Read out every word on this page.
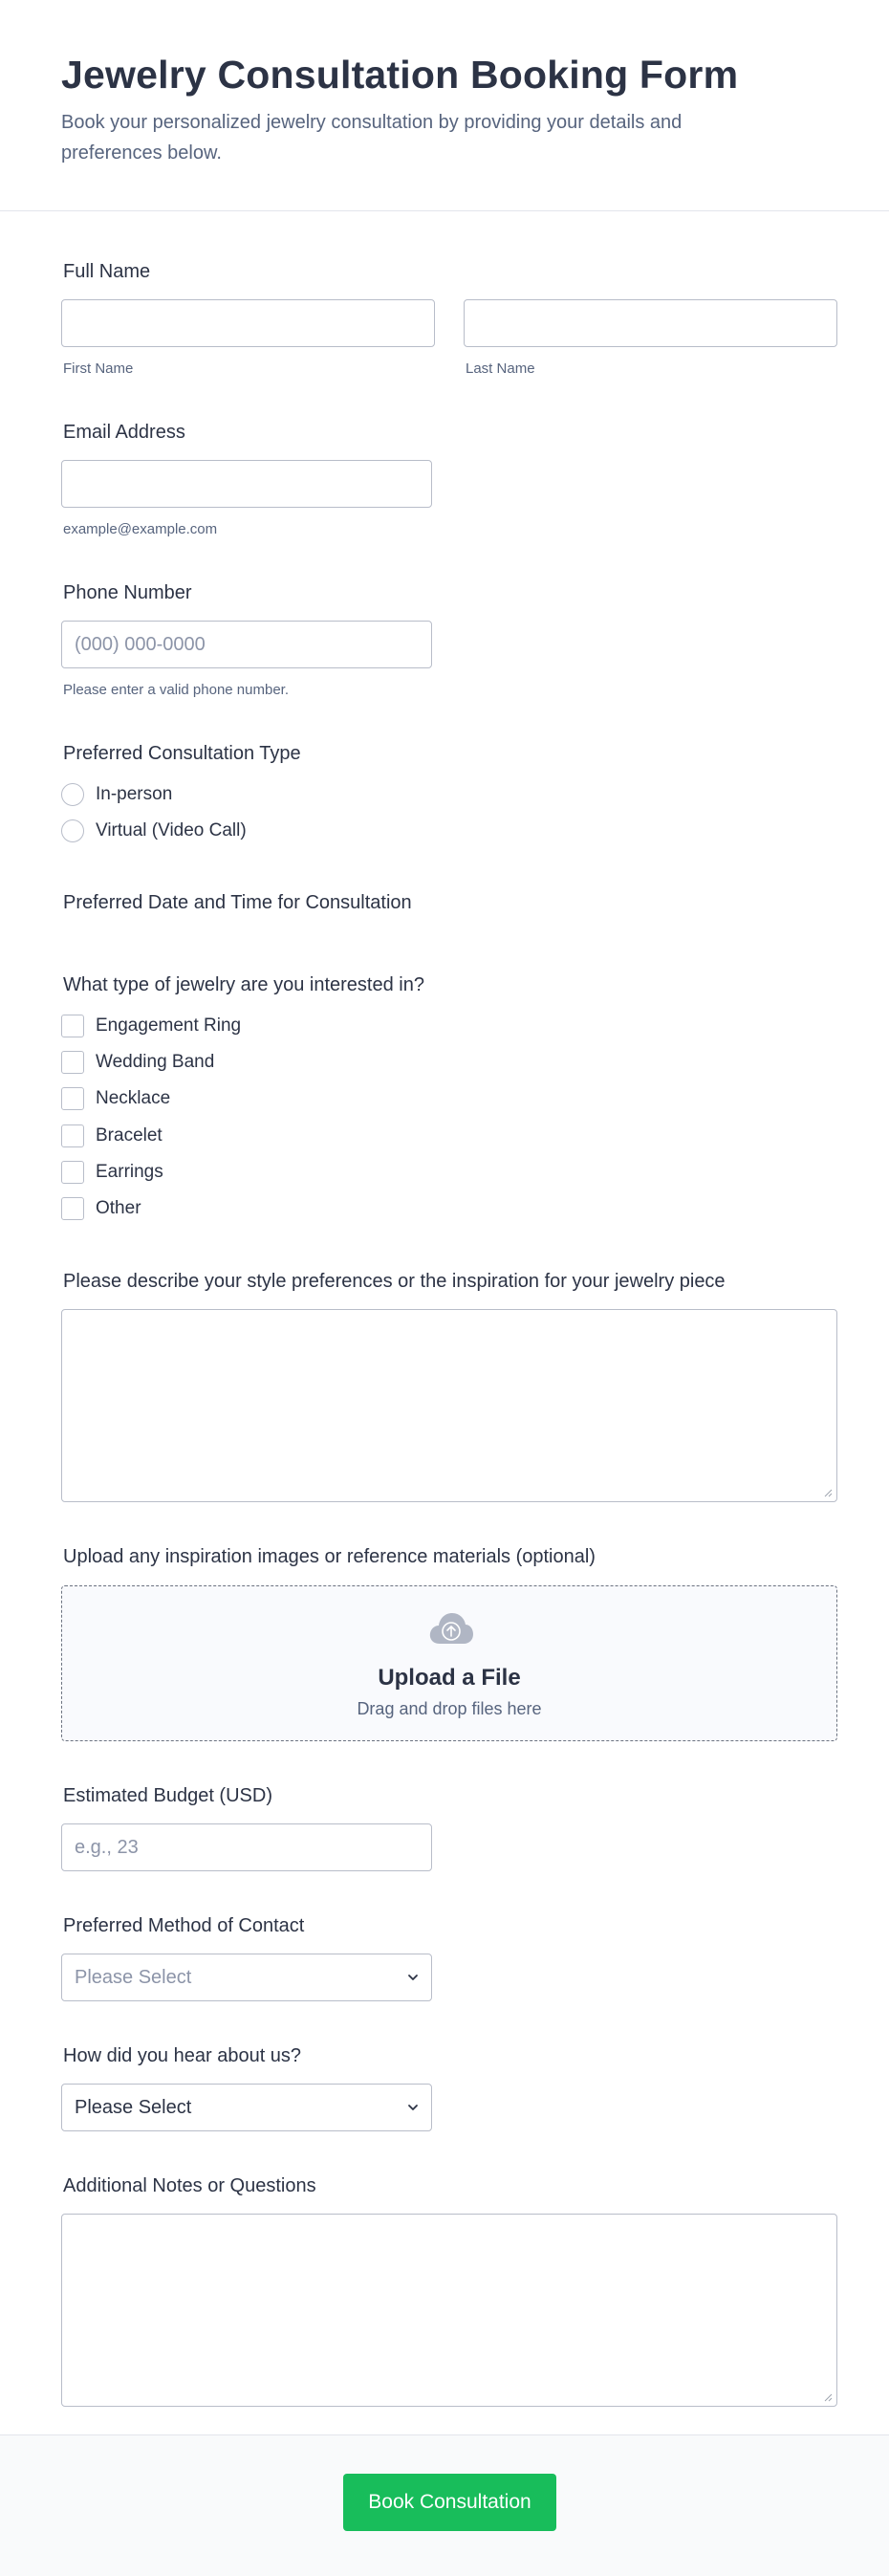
Jewelry Consultation Booking Form

Book your personalized jewelry consultation by providing your details and preferences below.

Full Name
First Name	Last Name
Email Address
example@example.com
Phone Number
(000) 000-0000
Please enter a valid phone number.
Preferred Consultation Type
In-person
Virtual (Video Call)
Preferred Date and Time for Consultation
What type of jewelry are you interested in?
Engagement Ring
Wedding Band
Necklace
Bracelet
Earrings
Other
Please describe your style preferences or the inspiration for your jewelry piece
Upload any inspiration images or reference materials (optional)
Upload a File
Drag and drop files here
Estimated Budget (USD)
e.g., 23
Preferred Method of Contact
Please Select
How did you hear about us?
Please Select
Additional Notes or Questions
Book Consultation
